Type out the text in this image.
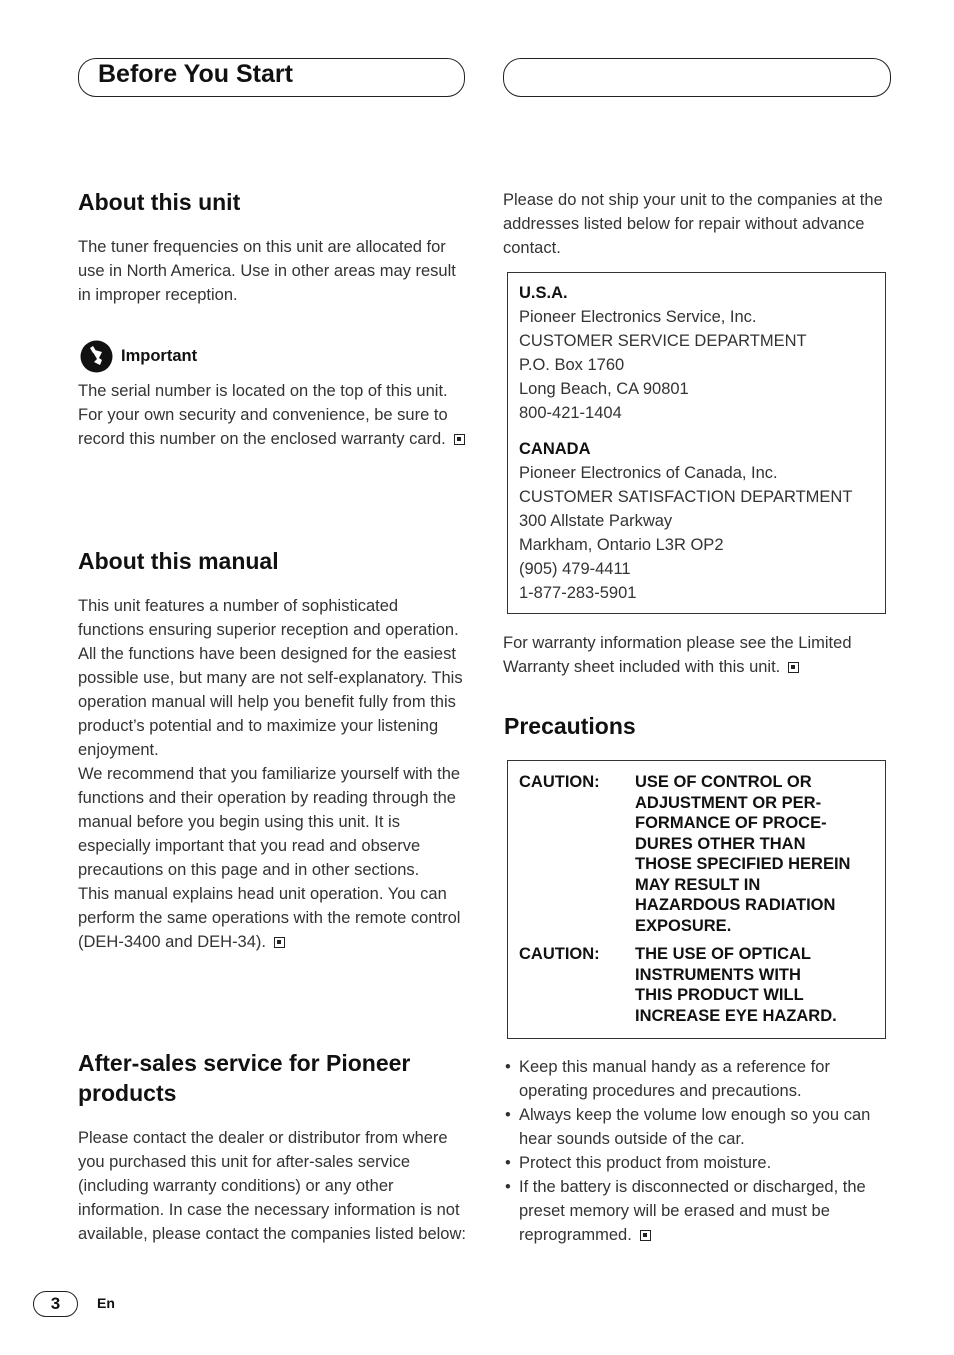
Before You Start
About this unit

The tuner frequencies on this unit are allocated for use in North America. Use in other areas may result in improper reception.

Important

The serial number is located on the top of this unit. For your own security and convenience, be sure to record this number on the enclosed warranty card.

About this manual

This unit features a number of sophisticated functions ensuring superior reception and operation. All the functions have been designed for the easiest possible use, but many are not self-explanatory. This operation manual will help you benefit fully from this product’s potential and to maximize your listening enjoyment.

We recommend that you familiarize yourself with the functions and their operation by reading through the manual before you begin using this unit. It is especially important that you read and observe precautions on this page and in other sections.

This manual explains head unit operation. You can perform the same operations with the remote control (DEH-3400 and DEH-34).

After-sales service for Pioneer products

Please contact the dealer or distributor from where you purchased this unit for after-sales service (including warranty conditions) or any other information. In case the necessary information is not available, please contact the companies listed below:

Please do not ship your unit to the companies at the addresses listed below for repair without advance contact.

U.S.A.
Pioneer Electronics Service, Inc.
CUSTOMER SERVICE DEPARTMENT
P.O. Box 1760
Long Beach, CA 90801
800-421-1404
CANADA
Pioneer Electronics of Canada, Inc.
CUSTOMER SATISFACTION DEPARTMENT
300 Allstate Parkway
Markham, Ontario L3R OP2
(905) 479-4411
1-877-283-5901

For warranty information please see the Limited Warranty sheet included with this unit.

Precautions
CAUTION: USE OF CONTROL OR
ADJUSTMENT OR PER-
FORMANCE OF PROCE-
DURES OTHER THAN
THOSE SPECIFIED HEREIN
MAY RESULT IN
HAZARDOUS RADIATION
EXPOSURE.
CAUTION: THE USE OF OPTICAL
INSTRUMENTS WITH
THIS PRODUCT WILL
INCREASE EYE HAZARD.
• Keep this manual handy as a reference for operating procedures and precautions.
• Always keep the volume low enough so you can hear sounds outside of the car.
• Protect this product from moisture.
• If the battery is disconnected or discharged, the preset memory will be erased and must be reprogrammed.
3	En
